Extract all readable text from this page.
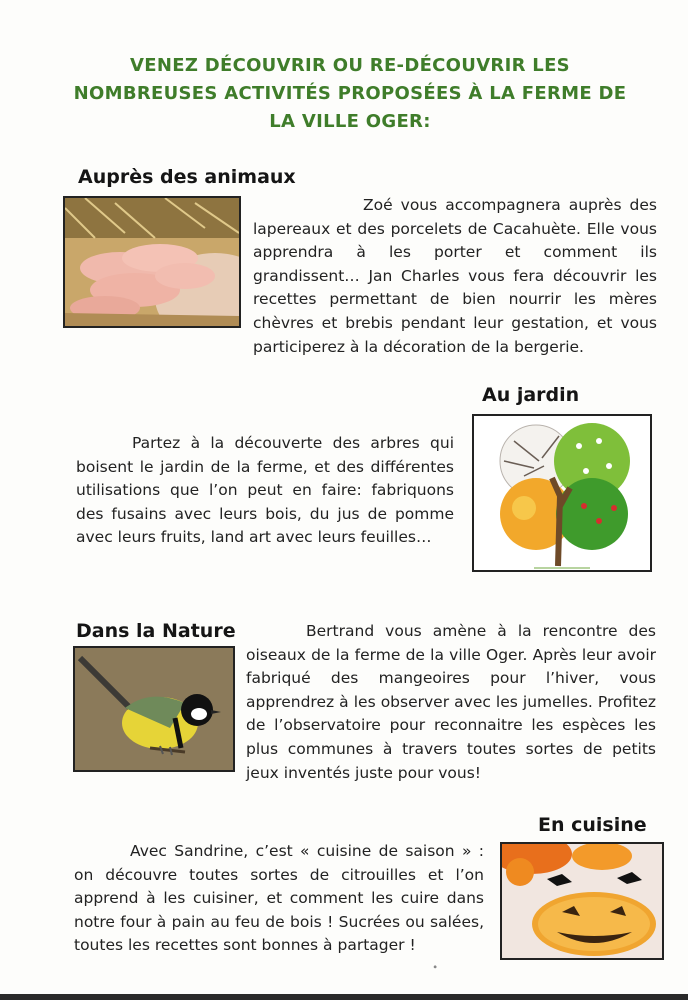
VENEZ DÉCOUVRIR OU RE-DÉCOUVRIR LES NOMBREUSES ACTIVITÉS PROPOSÉES À LA FERME DE LA VILLE OGER:
Auprès des animaux
Zoé vous accompagnera auprès des lapereaux et des porcelets de Cacahuète. Elle vous apprendra à les porter et comment ils grandissent… Jan Charles vous fera découvrir les recettes permettant de bien nourrir les mères chèvres et brebis pendant leur gestation, et vous participerez à la décoration de la bergerie.
Au jardin
Partez à la découverte des arbres qui boisent le jardin de la ferme, et des différentes utilisations que l’on peut en faire: fabriquons des fusains avec leurs bois, du jus de pomme avec leurs fruits, land art avec leurs feuilles…
Dans la Nature	Bertrand vous amène à la rencontre des oiseaux de la ferme de la ville Oger. Après leur avoir fabriqué des mangeoires pour l’hiver, vous apprendrez à les observer avec les jumelles. Profitez de l’observatoire pour reconnaitre les espèces les plus communes à travers toutes sortes de petits jeux inventés juste pour vous!
En cuisine
Avec Sandrine, c’est « cuisine de saison » : on découvre toutes sortes de citrouilles et l’on apprend à les cuisiner, et comment les cuire dans notre four à pain au feu de bois ! Sucrées ou salées, toutes les recettes sont bonnes à partager !
∙
